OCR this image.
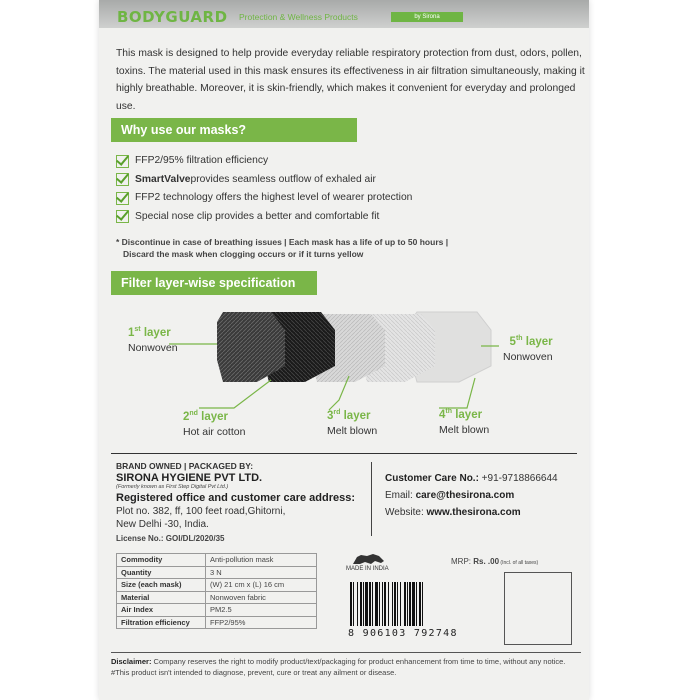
BODYGUARD Protection & Wellness Products	by Sirona
This mask is designed to help provide everyday reliable respiratory protection from dust, odors, pollen, toxins. The material used in this mask ensures its effectiveness in air filtration simultaneously, making it highly breathable. Moreover, it is skin-friendly, which makes it convenient for everyday and prolonged use.
Why use our masks?
FFP2/95% filtration efficiency
SmartValve provides seamless outflow of exhaled air
FFP2 technology offers the highest level of wearer protection
Special nose clip provides a better and comfortable fit
* Discontinue in case of breathing issues | Each mask has a life of up to 50 hours |
Discard the mask when clogging occurs or if it turns yellow
Filter layer-wise specification
1st layer
Nonwoven
2nd layer
Hot air cotton
3rd layer
Melt blown
4th layer
Melt blown
5th layer
Nonwoven
BRAND OWNED | PACKAGED BY:
SIRONA HYGIENE PVT LTD.
(Formerly known as First Step Digital Pvt Ltd.)
Registered office and customer care address:
Plot no. 382, ff, 100 feet road,Ghitorni,
New Delhi -30, India.
License No.: GOI/DL/2020/35
Customer Care No.: +91-9718866644
Email: care@thesirona.com
Website: www.thesirona.com
Commodity	Anti-pollution mask
Quantity	3 N
Size (each mask)	(W) 21 cm x (L) 16 cm
Material	Nonwoven fabric
Air Index	PM2.5
Filtration efficiency	FFP2/95%
MADE IN INDIA
MRP: Rs. .00 (Incl. of all taxes)
8 906103 792748
Disclaimer: Company reserves the right to modify product/text/packaging for product enhancement from time to time, without any notice.
#This product isn't intended to diagnose, prevent, cure or treat any ailment or disease.
